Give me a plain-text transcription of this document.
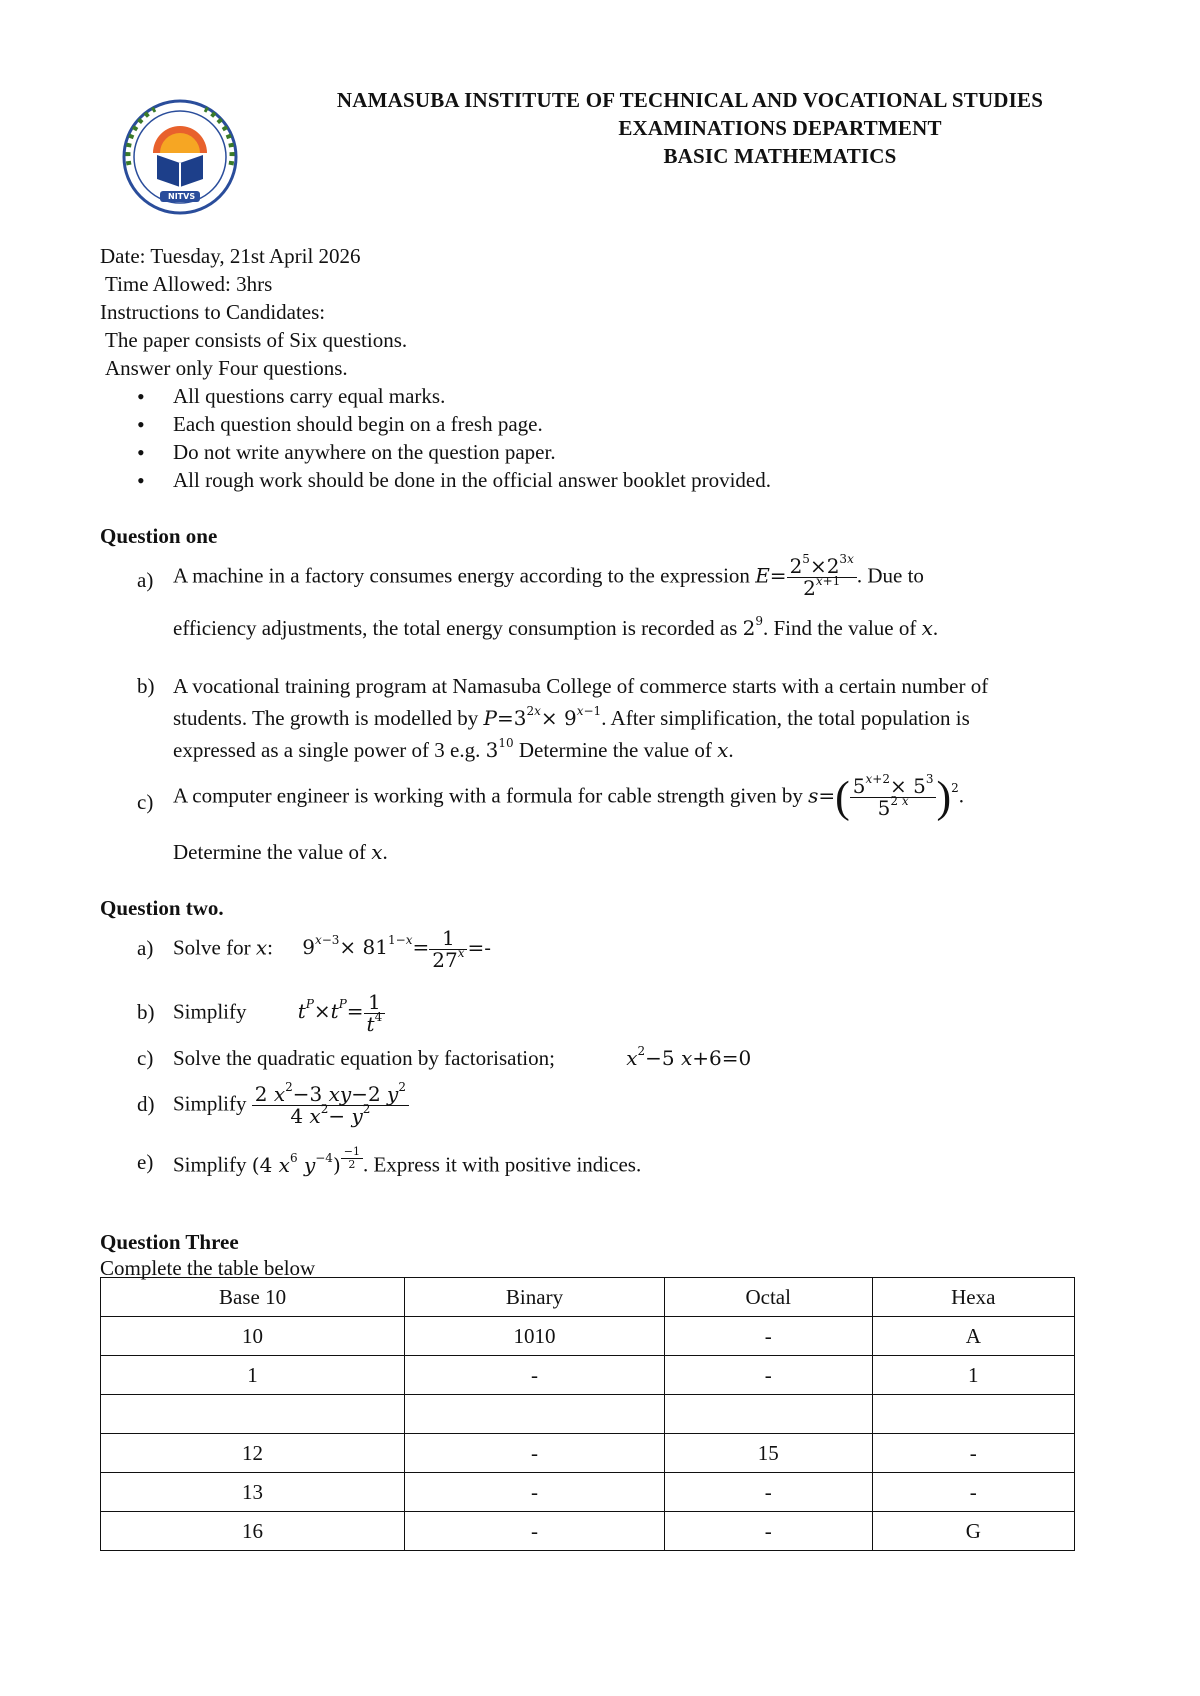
NITVS
NAMASUBA INSTITUTE OF TECHNICAL AND VOCATIONAL STUDIES
EXAMINATIONS DEPARTMENT
BASIC MATHEMATICS
Date: Tuesday, 21st April 2026
Time Allowed: 3hrs
Instructions to Candidates:
The paper consists of Six questions.
Answer only Four questions.
All questions carry equal marks.
Each question should begin on a fresh page.
Do not write anywhere on the question paper.
All rough work should be done in the official answer booklet provided.
Question one
a) A machine in a factory consumes energy according to the expression $E= \frac{2^5\times 2^{3x}}{2^{x+1}}$ . Due to
efficiency adjustments, the total energy consumption is recorded as $2^9$. Find the value of x.
b) A vocational training program at Namasuba College of commerce starts with a certain number of
students. The growth is modelled by $P=3^{2x}\times 9^{x-1}$. After simplification, the total population is
expressed as a single power of 3 e.g. $3^{10}$ Determine the value of x.
c) A computer engineer is working with a formula for cable strength given by $s=( \frac{5^{x+2}\times 5^3}{5^{2 x}} )^2$.
Determine the value of x.
Question two.
a) Solve for x: $9^{x-3}\times 81^{1-x}= \frac{1}{27^x}$ =-
b) Simplify	$t^P\times t^P= \frac{1}{t^4}$
c) Solve the quadratic equation by factorisation;	$x^2-5$ x+6=0
d) Simplify $\frac{2 x^2-3 xy-2 y^2}{4 x^2- y^2}$
e) Simplify (4 $x^6$ $y^{-4}$) $^{\frac{-1}{2}}$ . Express it with positive indices.
Question Three
Complete the table below
Base 10	Binary	Octal	Hexa
10	1010	-	A
1	-	-	1

12	-	15	-
13	-	-	-
16	-	-	G
